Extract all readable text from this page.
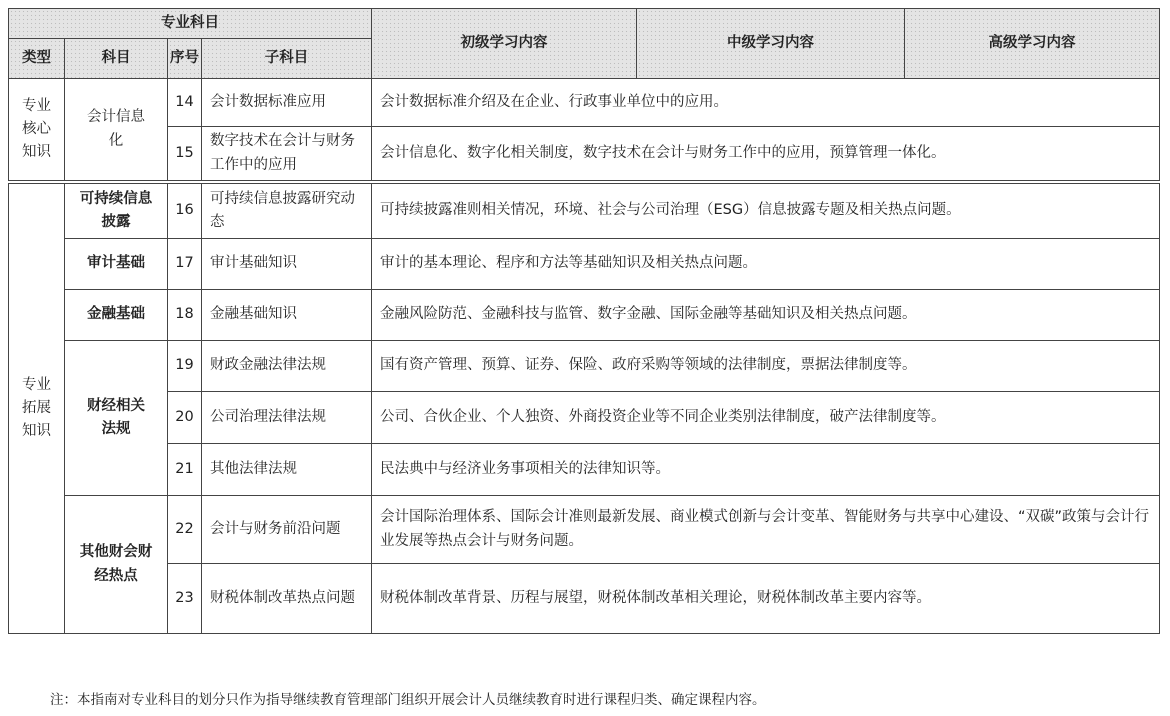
专业科目				初级学习内容	中级学习内容	高级学习内容
类型	科目	序号	子科目			
专业核心知识	会计信息化	14	会计数据标准应用	会计数据标准介绍及在企业、行政事业单位中的应用。		
		15	数字技术在会计与财务工作中的应用	会计信息化、数字化相关制度，数字技术在会计与财务工作中的应用，预算管理一体化。		

专业拓展知识	可持续信息披露	16	可持续信息披露研究动态	可持续披露准则相关情况，环境、社会与公司治理（ESG）信息披露专题及相关热点问题。		
	审计基础	17	审计基础知识	审计的基本理论、程序和方法等基础知识及相关热点问题。		
	金融基础	18	金融基础知识	金融风险防范、金融科技与监管、数字金融、国际金融等基础知识及相关热点问题。		
	财经相关法规	19	财政金融法律法规	国有资产管理、预算、证券、保险、政府采购等领域的法律制度，票据法律制度等。		
		20	公司治理法律法规	公司、合伙企业、个人独资、外商投资企业等不同企业类别法律制度，破产法律制度等。		
		21	其他法律法规	民法典中与经济业务事项相关的法律知识等。		
	其他财会财经热点	22	会计与财务前沿问题	会计国际治理体系、国际会计准则最新发展、商业模式创新与会计变革、智能财务与共享中心建设、“双碳”政策与会计行业发展等热点会计与财务问题。		
		23	财税体制改革热点问题	财税体制改革背景、历程与展望，财税体制改革相关理论，财税体制改革主要内容等。		
注：本指南对专业科目的划分只作为指导继续教育管理部门组织开展会计人员继续教育时进行课程归类、确定课程内容。
